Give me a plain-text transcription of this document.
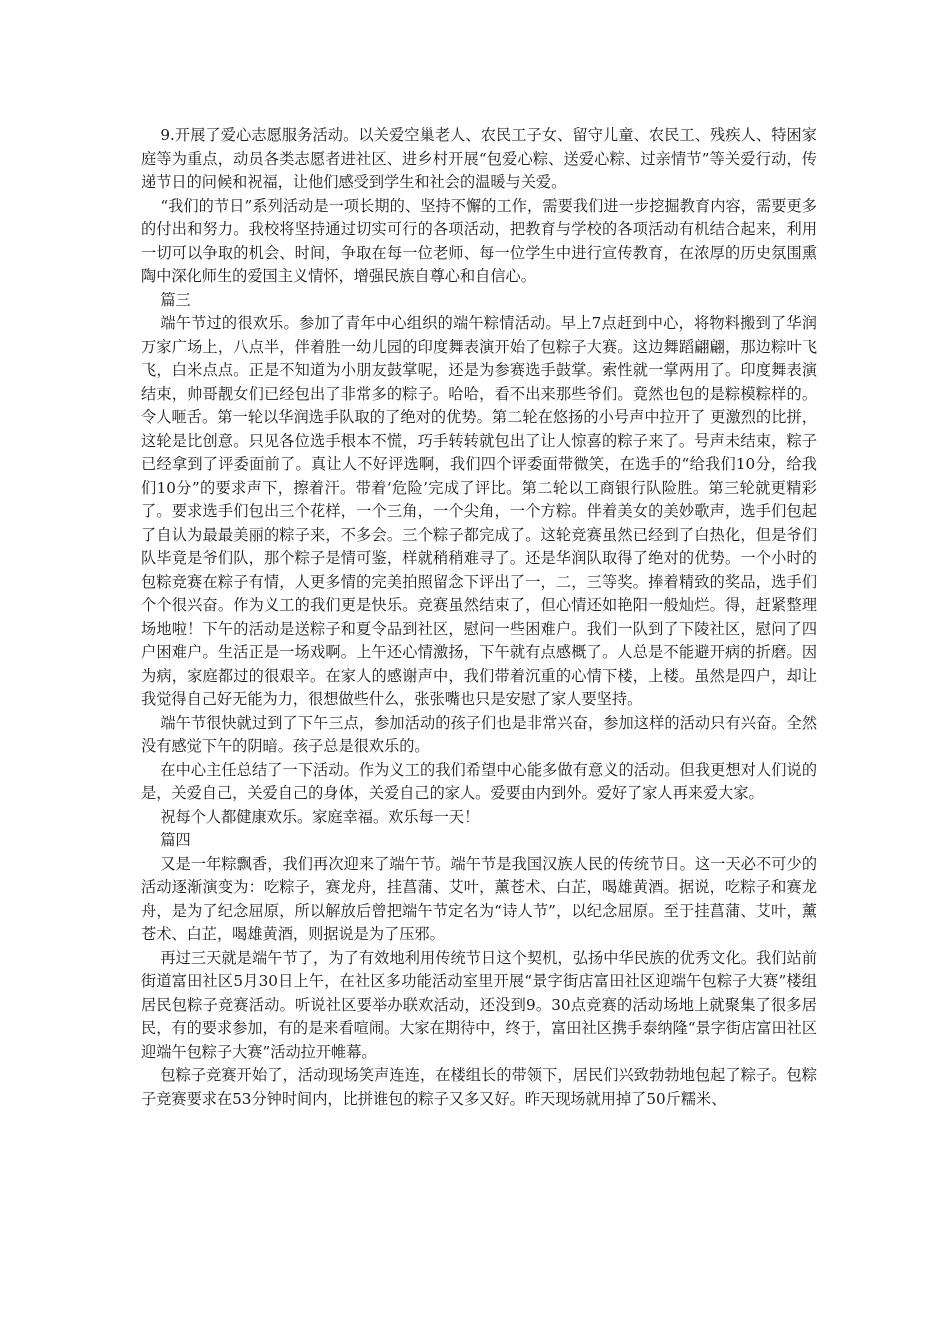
9.开展了爱心志愿服务活动。以关爱空巢老人、农民工子女、留守儿童、农民工、残疾人、特困家庭等为重点，动员各类志愿者进社区、进乡村开展“包爱心粽、送爱心粽、过亲情节”等关爱行动，传递节日的问候和祝福，让他们感受到学生和社会的温暖与关爱。

“我们的节日”系列活动是一项长期的、坚持不懈的工作，需要我们进一步挖掘教育内容，需要更多的付出和努力。我校将坚持通过切实可行的各项活动，把教育与学校的各项活动有机结合起来，利用一切可以争取的机会、时间，争取在每一位老师、每一位学生中进行宣传教育，在浓厚的历史氛围熏陶中深化师生的爱国主义情怀，增强民族自尊心和自信心。

篇三

端午节过的很欢乐。参加了青年中心组织的端午粽情活动。早上7点赶到中心，将物料搬到了华润万家广场上，八点半，伴着胜一幼儿园的印度舞表演开始了包粽子大赛。这边舞蹈翩翩，那边粽叶飞飞，白米点点。正是不知道为小朋友鼓掌呢，还是为参赛选手鼓掌。索性就一掌两用了。印度舞表演结束，帅哥靓女们已经包出了非常多的粽子。哈哈，看不出来那些爷们。竟然也包的是粽模粽样的。令人咂舌。第一轮以华润选手队取的了绝对的优势。第二轮在悠扬的小号声中拉开了 更激烈的比拼，这轮是比创意。只见各位选手根本不慌，巧手转转就包出了让人惊喜的粽子来了。号声未结束，粽子已经拿到了评委面前了。真让人不好评选啊，我们四个评委面带微笑，在选手的“给我们10分，给我们10分”的要求声下，擦着汗。带着‘危险’完成了评比。第二轮以工商银行队险胜。第三轮就更精彩了。要求选手们包出三个花样，一个三角，一个尖角，一个方粽。伴着美女的美妙歌声，选手们包起了自认为最最美丽的粽子来，不多会。三个粽子都完成了。这轮竞赛虽然已经到了白热化，但是爷们队毕竟是爷们队，那个粽子是情可鉴，样就稍稍难寻了。还是华润队取得了绝对的优势。一个小时的包粽竞赛在粽子有情，人更多情的完美拍照留念下评出了一，二，三等奖。捧着精致的奖品，选手们个个很兴奋。作为义工的我们更是快乐。竞赛虽然结束了，但心情还如艳阳一般灿烂。得，赶紧整理场地啦！下午的活动是送粽子和夏令品到社区，慰问一些困难户。我们一队到了下陵社区，慰问了四户困难户。生活正是一场戏啊。上午还心情激扬，下午就有点感概了。人总是不能避开病的折磨。因为病，家庭都过的很艰辛。在家人的感谢声中，我们带着沉重的心情下楼，上楼。虽然是四户，却让我觉得自己好无能为力，很想做些什么，张张嘴也只是安慰了家人要坚持。

端午节很快就过到了下午三点，参加活动的孩子们也是非常兴奋，参加这样的活动只有兴奋。全然没有感觉下午的阴暗。孩子总是很欢乐的。

在中心主任总结了一下活动。作为义工的我们希望中心能多做有意义的活动。但我更想对人们说的是，关爱自己，关爱自己的身体，关爱自己的家人。爱要由内到外。爱好了家人再来爱大家。

祝每个人都健康欢乐。家庭幸福。欢乐每一天！

篇四

又是一年粽飘香，我们再次迎来了端午节。端午节是我国汉族人民的传统节日。这一天必不可少的活动逐渐演变为：吃粽子，赛龙舟，挂菖蒲、艾叶，薰苍术、白芷，喝雄黄酒。据说，吃粽子和赛龙舟，是为了纪念屈原，所以解放后曾把端午节定名为“诗人节”，以纪念屈原。至于挂菖蒲、艾叶，薰苍术、白芷，喝雄黄酒，则据说是为了压邪。

再过三天就是端午节了，为了有效地利用传统节日这个契机，弘扬中华民族的优秀文化。我们站前街道富田社区5月30日上午，在社区多功能活动室里开展“景字街店富田社区迎端午包粽子大赛”楼组居民包粽子竞赛活动。听说社区要举办联欢活动，还没到9。30点竞赛的活动场地上就聚集了很多居民，有的要求参加，有的是来看喧闹。大家在期待中，终于，富田社区携手泰纳隆“景字街店富田社区迎端午包粽子大赛”活动拉开帷幕。

包粽子竞赛开始了，活动现场笑声连连，在楼组长的带领下，居民们兴致勃勃地包起了粽子。包粽子竞赛要求在53分钟时间内，比拼谁包的粽子又多又好。昨天现场就用掉了50斤糯米、
